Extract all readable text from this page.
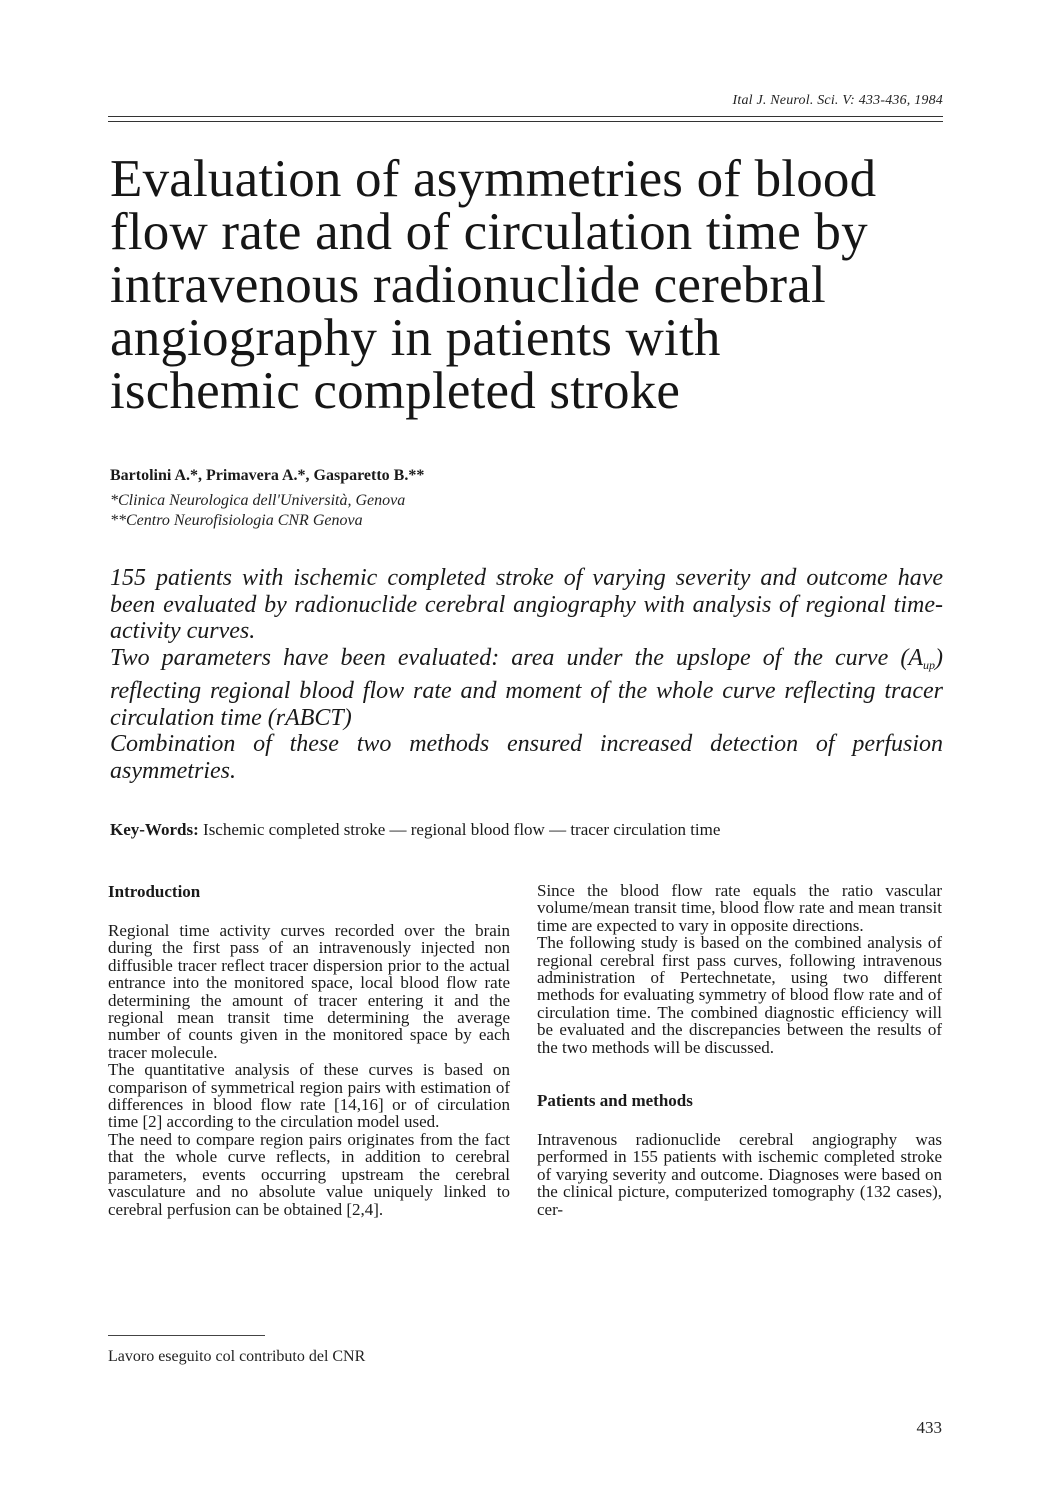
Ital J. Neurol. Sci. V: 433-436, 1984
Evaluation of asymmetries of blood
flow rate and of circulation time by
intravenous radionuclide cerebral
angiography in patients with
ischemic completed stroke
Bartolini A.*, Primavera A.*, Gasparetto B.**
*Clinica Neurologica dell'Università, Genova
**Centro Neurofisiologia CNR Genova

155 patients with ischemic completed stroke of varying severity and outcome have been evaluated by radionuclide cerebral angiography with analysis of regional time-activity curves.

Two parameters have been evaluated: area under the upslope of the curve $(A_{up})$ reflecting regional blood flow rate and moment of the whole curve reflecting tracer circulation time (rABCT)

Combination of these two methods ensured increased detection of perfusion asymmetries.

Key-Words: Ischemic completed stroke — regional blood flow — tracer circulation time
Introduction

Regional time activity curves recorded over the brain during the first pass of an intravenously injected non diffusible tracer reflect tracer dispersion prior to the actual entrance into the monitored space, local blood flow rate determining the amount of tracer entering it and the regional mean transit time determining the average number of counts given in the monitored space by each tracer molecule.

The quantitative analysis of these curves is based on comparison of symmetrical region pairs with estimation of differences in blood flow rate [14,16] or of circulation time [2] according to the circulation model used.

The need to compare region pairs originates from the fact that the whole curve reflects, in addition to cerebral parameters, events occurring upstream the cerebral vasculature and no absolute value uniquely linked to cerebral perfusion can be obtained [2,4].

Since the blood flow rate equals the ratio vascular volume/mean transit time, blood flow rate and mean transit time are expected to vary in opposite directions.

The following study is based on the combined analysis of regional cerebral first pass curves, following intravenous administration of Pertechnetate, using two different methods for evaluating symmetry of blood flow rate and of circulation time. The combined diagnostic efficiency will be evaluated and the discrepancies between the results of the two methods will be discussed.

Patients and methods

Intravenous radionuclide cerebral angiography was performed in 155 patients with ischemic completed stroke of varying severity and outcome. Diagnoses were based on the clinical picture, computerized tomography (132 cases), cer-

Lavoro eseguito col contributo del CNR
433
